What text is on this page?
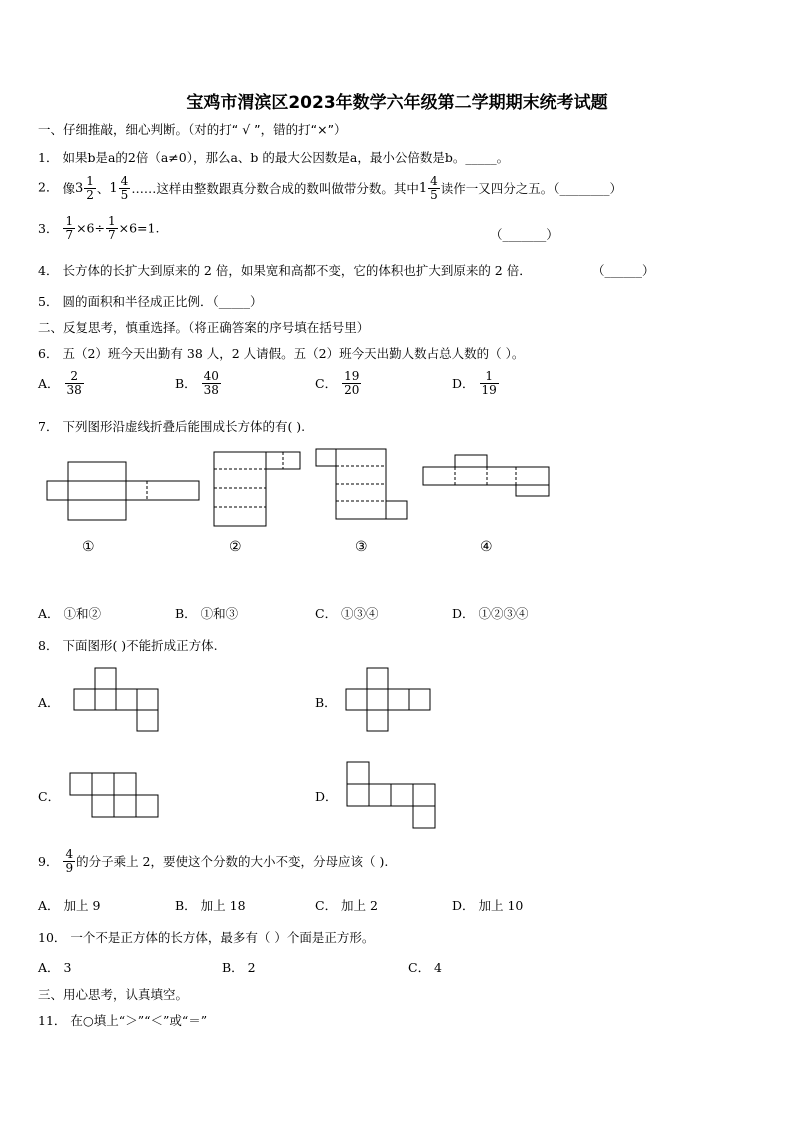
宝鸡市渭滨区2023年数学六年级第二学期期末统考试题
一、仔细推敲，细心判断。（对的打“ √ ”，错的打“×”）
1． 如果b是a的2倍（a≠0），那么a、b 的最大公因数是a，最小公倍数是b。_____。
2． 像$3 \frac{1}{2}$ 、$1 \frac{4}{5}$ ……这样由整数跟真分数合成的数叫做带分数。其中$1 \frac{4}{5}$ 读作一又四分之五。（________）
3． $\frac{1}{7} \times 6\div \frac{1}{7} \times 6=1$.	（_______）
4． 长方体的长扩大到原来的 2 倍，如果宽和高都不变，它的体积也扩大到原来的 2 倍．	（______）
5． 圆的面积和半径成正比例．（_____）
二、反复思考，慎重选择。（将正确答案的序号填在括号里）
6． 五（2）班今天出勤有 38 人，2 人请假。五（2）班今天出勤人数占总人数的（ ）。
A． $\frac{2}{38}$	B． $\frac{40}{38}$	C． $\frac{19}{20}$	D． $\frac{1}{19}$
7． 下列图形沿虚线折叠后能围成长方体的有( ).
①	②	③	④
A． ①和②	B． ①和③	C． ①③④	D． ①②③④
8． 下面图形( )不能折成正方体.
A．	B．
C．	D．
9． $\frac{4}{9}$ 的分子乘上 2，要使这个分数的大小不变，分母应该（ ).
A． 加上 9	B． 加上 18	C． 加上 2	D． 加上 10
10． 一个不是正方体的长方体，最多有（ ）个面是正方形。
A． 3	B． 2	C． 4
三、用心思考，认真填空。
11． 在○填上“＞”“＜”或“＝”
